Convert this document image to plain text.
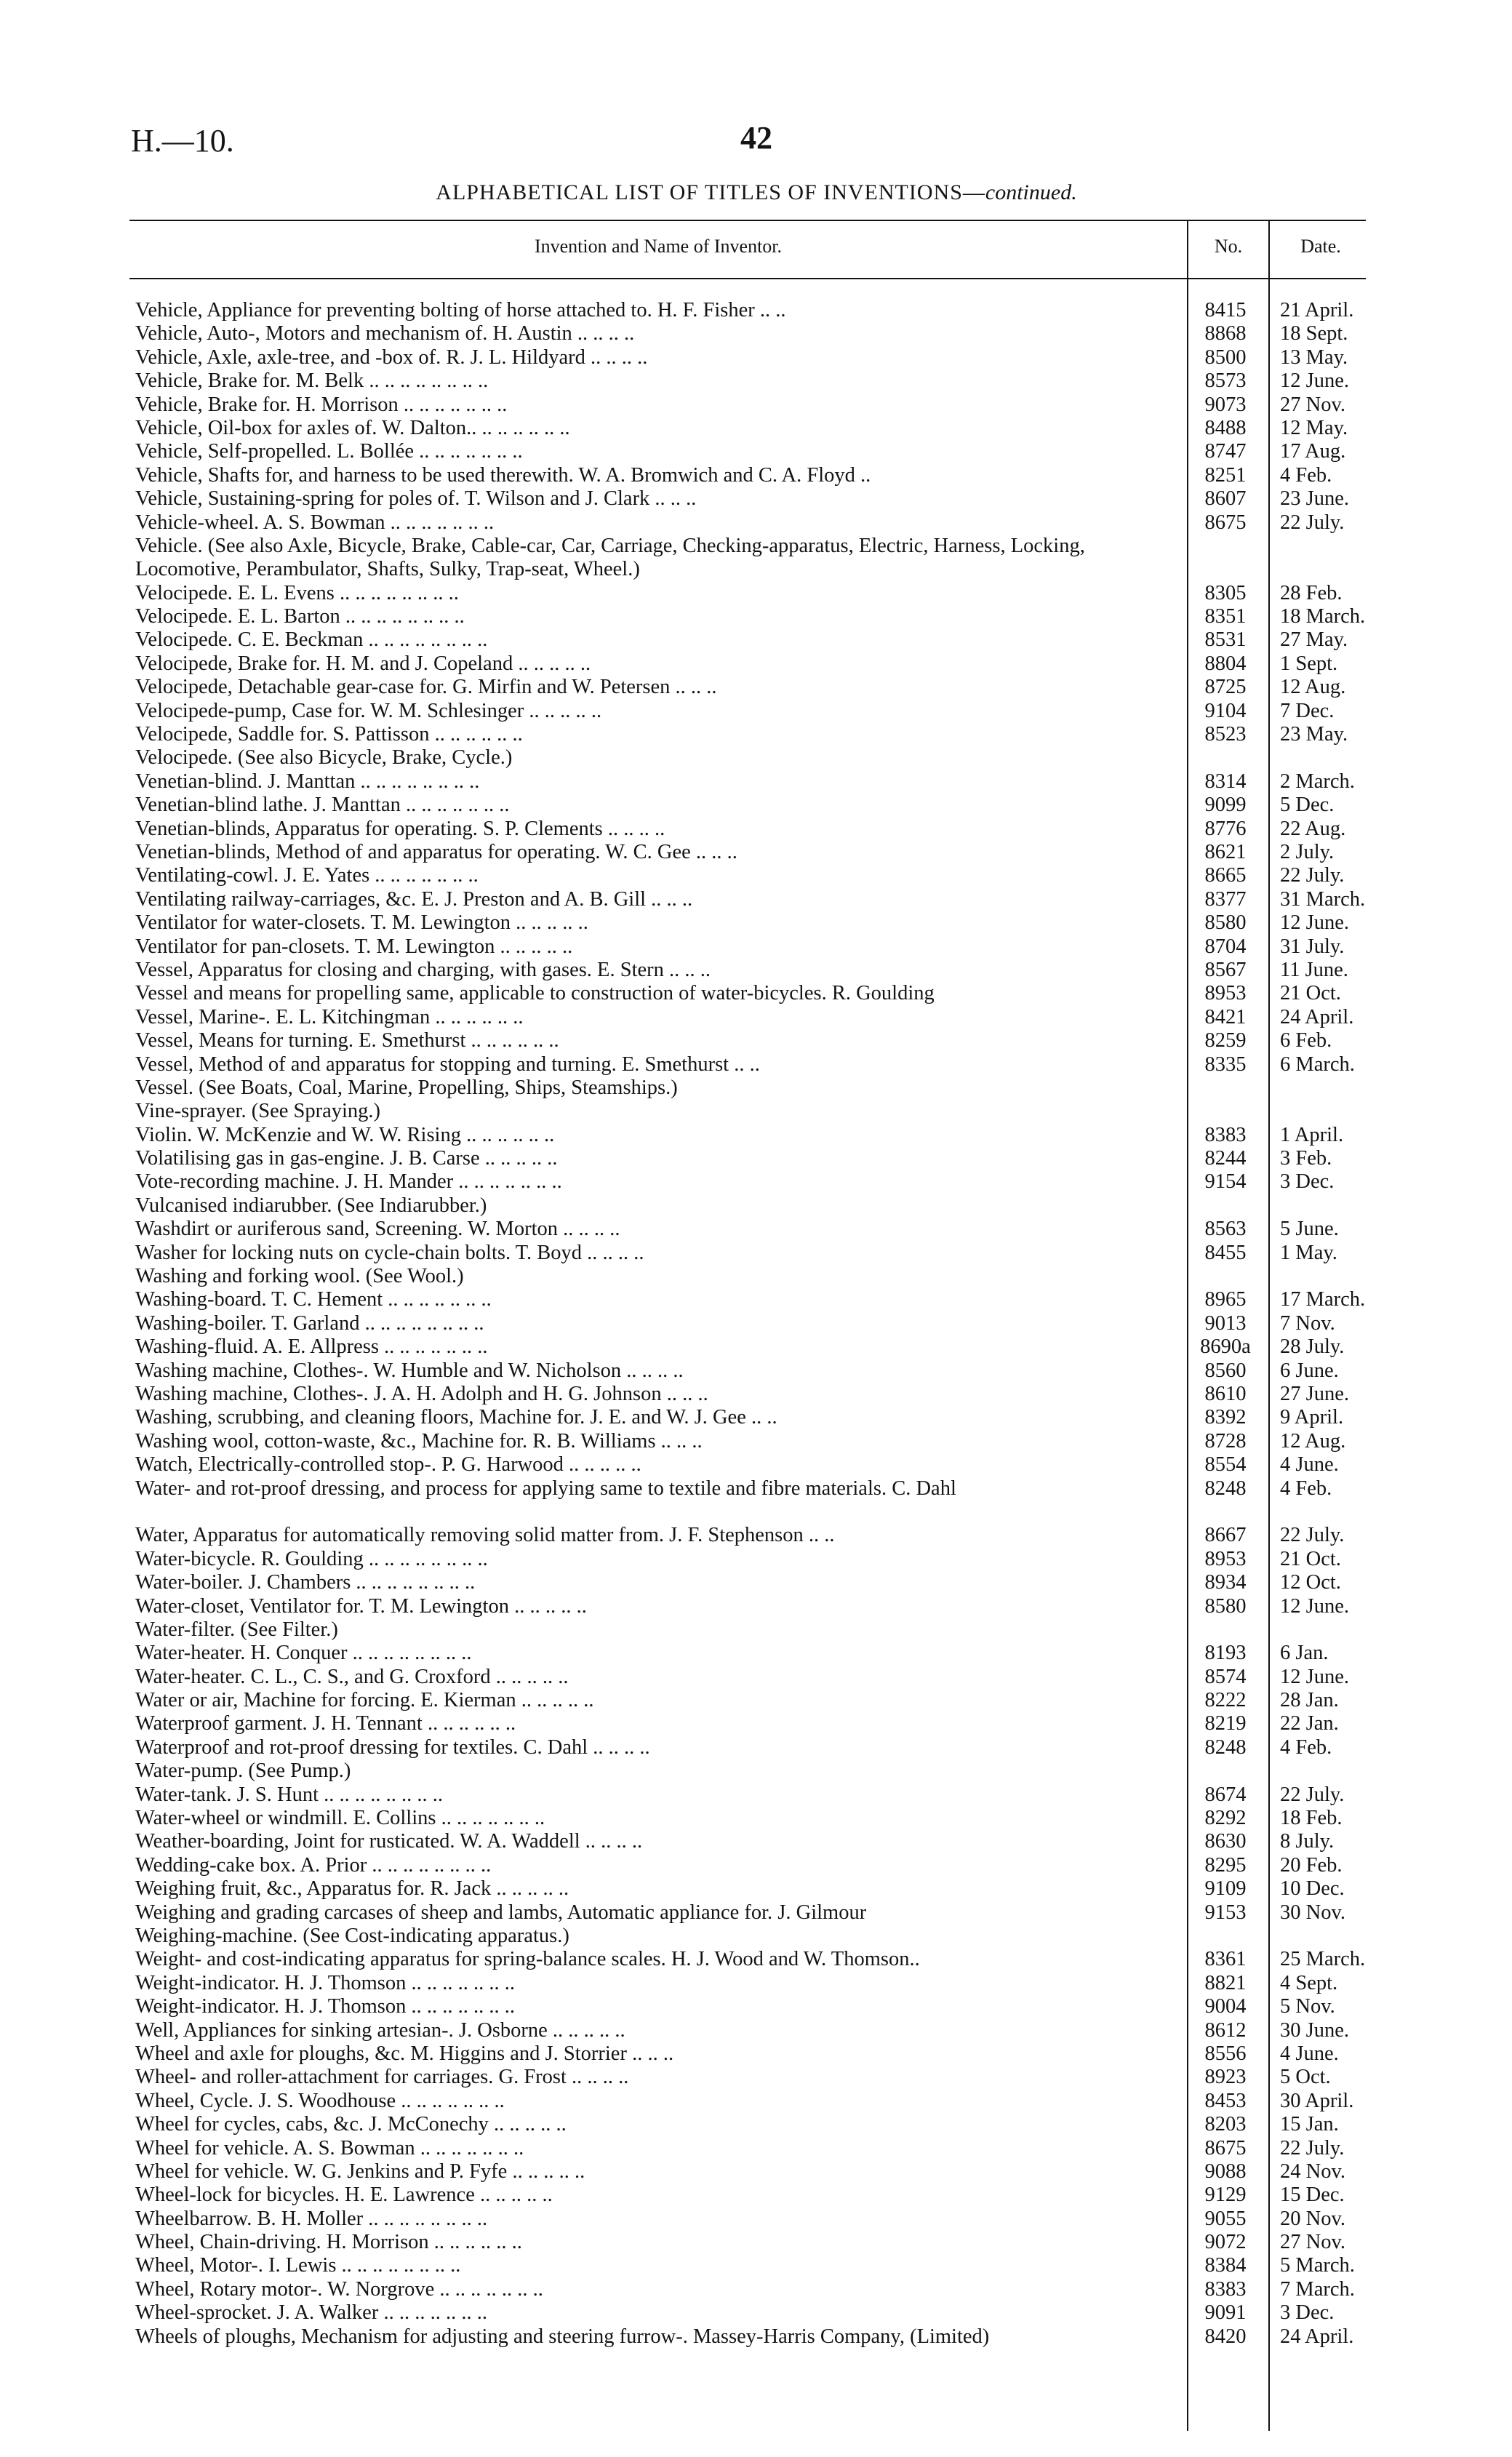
H.—10.	42
ALPHABETICAL LIST OF TITLES OF INVENTIONS—continued.
Invention and Name of Inventor.	No.	Date.
Vehicle, Appliance for preventing bolting of horse attached to. H. F. Fisher .. ..	8415	21 April.
Vehicle, Auto-, Motors and mechanism of. H. Austin .. .. .. ..	8868	18 Sept.
Vehicle, Axle, axle-tree, and -box of. R. J. L. Hildyard .. .. .. ..	8500	13 May.
Vehicle, Brake for. M. Belk .. .. .. .. .. .. .. ..	8573	12 June.
Vehicle, Brake for. H. Morrison .. .. .. .. .. .. ..	9073	27 Nov.
Vehicle, Oil-box for axles of. W. Dalton.. .. .. .. .. .. ..	8488	12 May.
Vehicle, Self-propelled. L. Bollée .. .. .. .. .. .. ..	8747	17 Aug.
Vehicle, Shafts for, and harness to be used therewith. W. A. Bromwich and C. A. Floyd ..	8251	4 Feb.
Vehicle, Sustaining-spring for poles of. T. Wilson and J. Clark .. .. ..	8607	23 June.
Vehicle-wheel. A. S. Bowman .. .. .. .. .. .. ..	8675	22 July.
Vehicle. (See also Axle, Bicycle, Brake, Cable-car, Car, Carriage, Checking-apparatus, Electric, Harness, Locking, Locomotive, Perambulator, Shafts, Sulky, Trap-seat, Wheel.)
Velocipede. E. L. Evens .. .. .. .. .. .. .. ..	8305	28 Feb.
Velocipede. E. L. Barton .. .. .. .. .. .. .. ..	8351	18 March.
Velocipede. C. E. Beckman .. .. .. .. .. .. .. ..	8531	27 May.
Velocipede, Brake for. H. M. and J. Copeland .. .. .. .. ..	8804	1 Sept.
Velocipede, Detachable gear-case for. G. Mirfin and W. Petersen .. .. ..	8725	12 Aug.
Velocipede-pump, Case for. W. M. Schlesinger .. .. .. .. ..	9104	7 Dec.
Velocipede, Saddle for. S. Pattisson .. .. .. .. .. ..	8523	23 May.
Velocipede. (See also Bicycle, Brake, Cycle.)
Venetian-blind. J. Manttan .. .. .. .. .. .. .. ..	8314	2 March.
Venetian-blind lathe. J. Manttan .. .. .. .. .. .. ..	9099	5 Dec.
Venetian-blinds, Apparatus for operating. S. P. Clements .. .. .. ..	8776	22 Aug.
Venetian-blinds, Method of and apparatus for operating. W. C. Gee .. .. ..	8621	2 July.
Ventilating-cowl. J. E. Yates .. .. .. .. .. .. ..	8665	22 July.
Ventilating railway-carriages, &c. E. J. Preston and A. B. Gill .. .. ..	8377	31 March.
Ventilator for water-closets. T. M. Lewington .. .. .. .. ..	8580	12 June.
Ventilator for pan-closets. T. M. Lewington .. .. .. .. ..	8704	31 July.
Vessel, Apparatus for closing and charging, with gases. E. Stern .. .. ..	8567	11 June.
Vessel and means for propelling same, applicable to construction of water-bicycles. R. Goulding	8953	21 Oct.
Vessel, Marine-. E. L. Kitchingman .. .. .. .. .. ..	8421	24 April.
Vessel, Means for turning. E. Smethurst .. .. .. .. .. ..	8259	6 Feb.
Vessel, Method of and apparatus for stopping and turning. E. Smethurst .. ..	8335	6 March.
Vessel. (See Boats, Coal, Marine, Propelling, Ships, Steamships.)
Vine-sprayer. (See Spraying.)
Violin. W. McKenzie and W. W. Rising .. .. .. .. .. ..	8383	1 April.
Volatilising gas in gas-engine. J. B. Carse .. .. .. .. ..	8244	3 Feb.
Vote-recording machine. J. H. Mander .. .. .. .. .. .. ..	9154	3 Dec.
Vulcanised indiarubber. (See Indiarubber.)
Washdirt or auriferous sand, Screening. W. Morton .. .. .. ..	8563	5 June.
Washer for locking nuts on cycle-chain bolts. T. Boyd .. .. .. ..	8455	1 May.
Washing and forking wool. (See Wool.)
Washing-board. T. C. Hement .. .. .. .. .. .. ..	8965	17 March.
Washing-boiler. T. Garland .. .. .. .. .. .. .. ..	9013	7 Nov.
Washing-fluid. A. E. Allpress .. .. .. .. .. .. ..	8690a 28 July.
Washing machine, Clothes-. W. Humble and W. Nicholson .. .. .. ..	8560	6 June.
Washing machine, Clothes-. J. A. H. Adolph and H. G. Johnson .. .. ..	8610	27 June.
Washing, scrubbing, and cleaning floors, Machine for. J. E. and W. J. Gee .. ..	8392	9 April.
Washing wool, cotton-waste, &c., Machine for. R. B. Williams .. .. ..	8728	12 Aug.
Watch, Electrically-controlled stop-. P. G. Harwood .. .. .. .. ..	8554	4 June.
Water- and rot-proof dressing, and process for applying same to textile and fibre materials. C. Dahl	8248	4 Feb.
Water, Apparatus for automatically removing solid matter from. J. F. Stephenson .. ..	8667	22 July.
Water-bicycle. R. Goulding .. .. .. .. .. .. .. ..	8953	21 Oct.
Water-boiler. J. Chambers .. .. .. .. .. .. .. ..	8934	12 Oct.
Water-closet, Ventilator for. T. M. Lewington .. .. .. .. ..	8580	12 June.
Water-filter. (See Filter.)
Water-heater. H. Conquer .. .. .. .. .. .. .. ..	8193	6 Jan.
Water-heater. C. L., C. S., and G. Croxford .. .. .. .. ..	8574	12 June.
Water or air, Machine for forcing. E. Kierman .. .. .. .. ..	8222	28 Jan.
Waterproof garment. J. H. Tennant .. .. .. .. .. ..	8219	22 Jan.
Waterproof and rot-proof dressing for textiles. C. Dahl .. .. .. ..	8248	4 Feb.
Water-pump. (See Pump.)
Water-tank. J. S. Hunt .. .. .. .. .. .. .. ..	8674	22 July.
Water-wheel or windmill. E. Collins .. .. .. .. .. .. ..	8292	18 Feb.
Weather-boarding, Joint for rusticated. W. A. Waddell .. .. .. ..	8630	8 July.
Wedding-cake box. A. Prior .. .. .. .. .. .. .. ..	8295	20 Feb.
Weighing fruit, &c., Apparatus for. R. Jack .. .. .. .. ..	9109	10 Dec.
Weighing and grading carcases of sheep and lambs, Automatic appliance for. J. Gilmour	9153	30 Nov.
Weighing-machine. (See Cost-indicating apparatus.)
Weight- and cost-indicating apparatus for spring-balance scales. H. J. Wood and W. Thomson..	8361	25 March.
Weight-indicator. H. J. Thomson .. .. .. .. .. .. ..	8821	4 Sept.
Weight-indicator. H. J. Thomson .. .. .. .. .. .. ..	9004	5 Nov.
Well, Appliances for sinking artesian-. J. Osborne .. .. .. .. ..	8612	30 June.
Wheel and axle for ploughs, &c. M. Higgins and J. Storrier .. .. ..	8556	4 June.
Wheel- and roller-attachment for carriages. G. Frost .. .. .. ..	8923	5 Oct.
Wheel, Cycle. J. S. Woodhouse .. .. .. .. .. .. ..	8453	30 April.
Wheel for cycles, cabs, &c. J. McConechy .. .. .. .. ..	8203	15 Jan.
Wheel for vehicle. A. S. Bowman .. .. .. .. .. .. ..	8675	22 July.
Wheel for vehicle. W. G. Jenkins and P. Fyfe .. .. .. .. ..	9088	24 Nov.
Wheel-lock for bicycles. H. E. Lawrence .. .. .. .. ..	9129	15 Dec.
Wheelbarrow. B. H. Moller .. .. .. .. .. .. .. ..	9055	20 Nov.
Wheel, Chain-driving. H. Morrison .. .. .. .. .. ..	9072	27 Nov.
Wheel, Motor-. I. Lewis .. .. .. .. .. .. .. ..	8384	5 March.
Wheel, Rotary motor-. W. Norgrove .. .. .. .. .. .. ..	8383	7 March.
Wheel-sprocket. J. A. Walker .. .. .. .. .. .. ..	9091	3 Dec.
Wheels of ploughs, Mechanism for adjusting and steering furrow-. Massey-Harris Company, (Limited)	8420	24 April.
